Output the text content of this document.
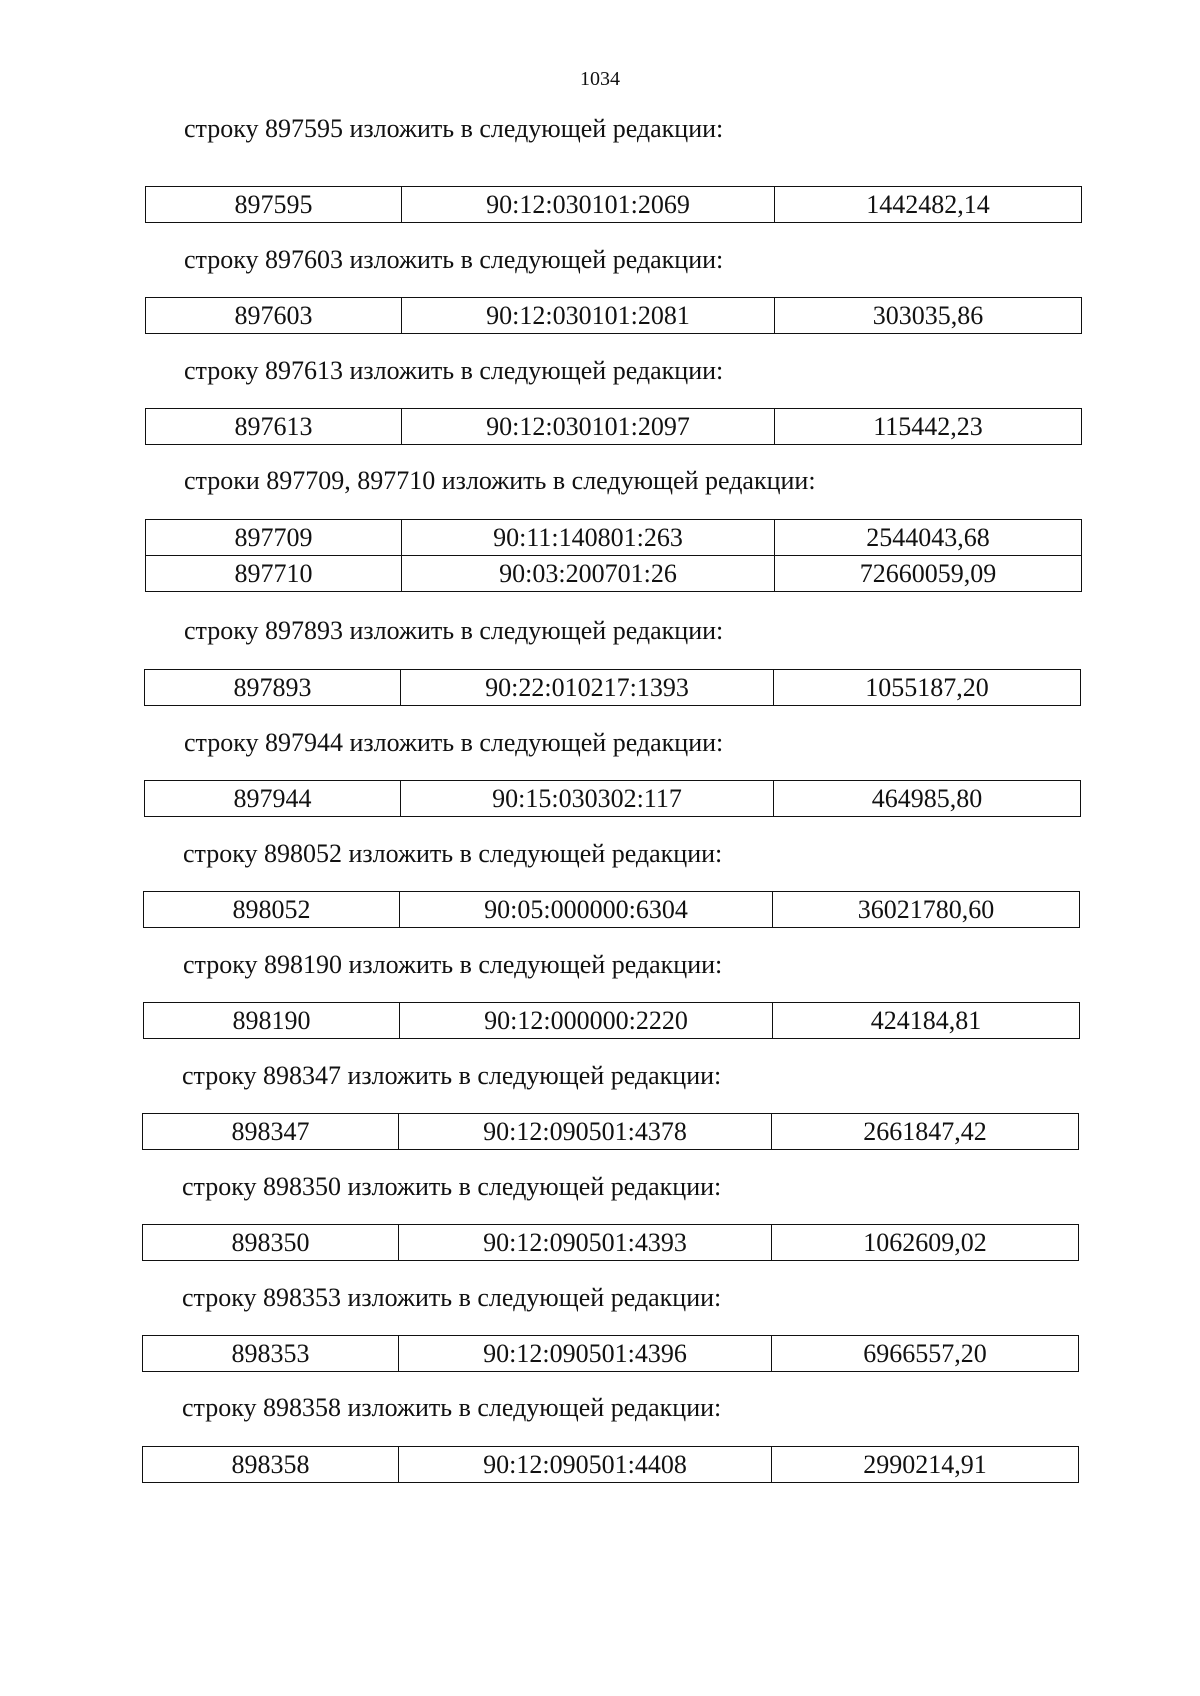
1034
строку 897595 изложить в следующей редакции:
897595	90:12:030101:2069	1442482,14
строку 897603 изложить в следующей редакции:
897603	90:12:030101:2081	303035,86
строку 897613 изложить в следующей редакции:
897613	90:12:030101:2097	115442,23
строки 897709, 897710 изложить в следующей редакции:
897709	90:11:140801:263	2544043,68
897710	90:03:200701:26	72660059,09
строку 897893 изложить в следующей редакции:
897893	90:22:010217:1393	1055187,20
строку 897944 изложить в следующей редакции:
897944	90:15:030302:117	464985,80
строку 898052 изложить в следующей редакции:
898052	90:05:000000:6304	36021780,60
строку 898190 изложить в следующей редакции:
898190	90:12:000000:2220	424184,81
строку 898347 изложить в следующей редакции:
898347	90:12:090501:4378	2661847,42
строку 898350 изложить в следующей редакции:
898350	90:12:090501:4393	1062609,02
строку 898353 изложить в следующей редакции:
898353	90:12:090501:4396	6966557,20
строку 898358 изложить в следующей редакции:
898358	90:12:090501:4408	2990214,91
